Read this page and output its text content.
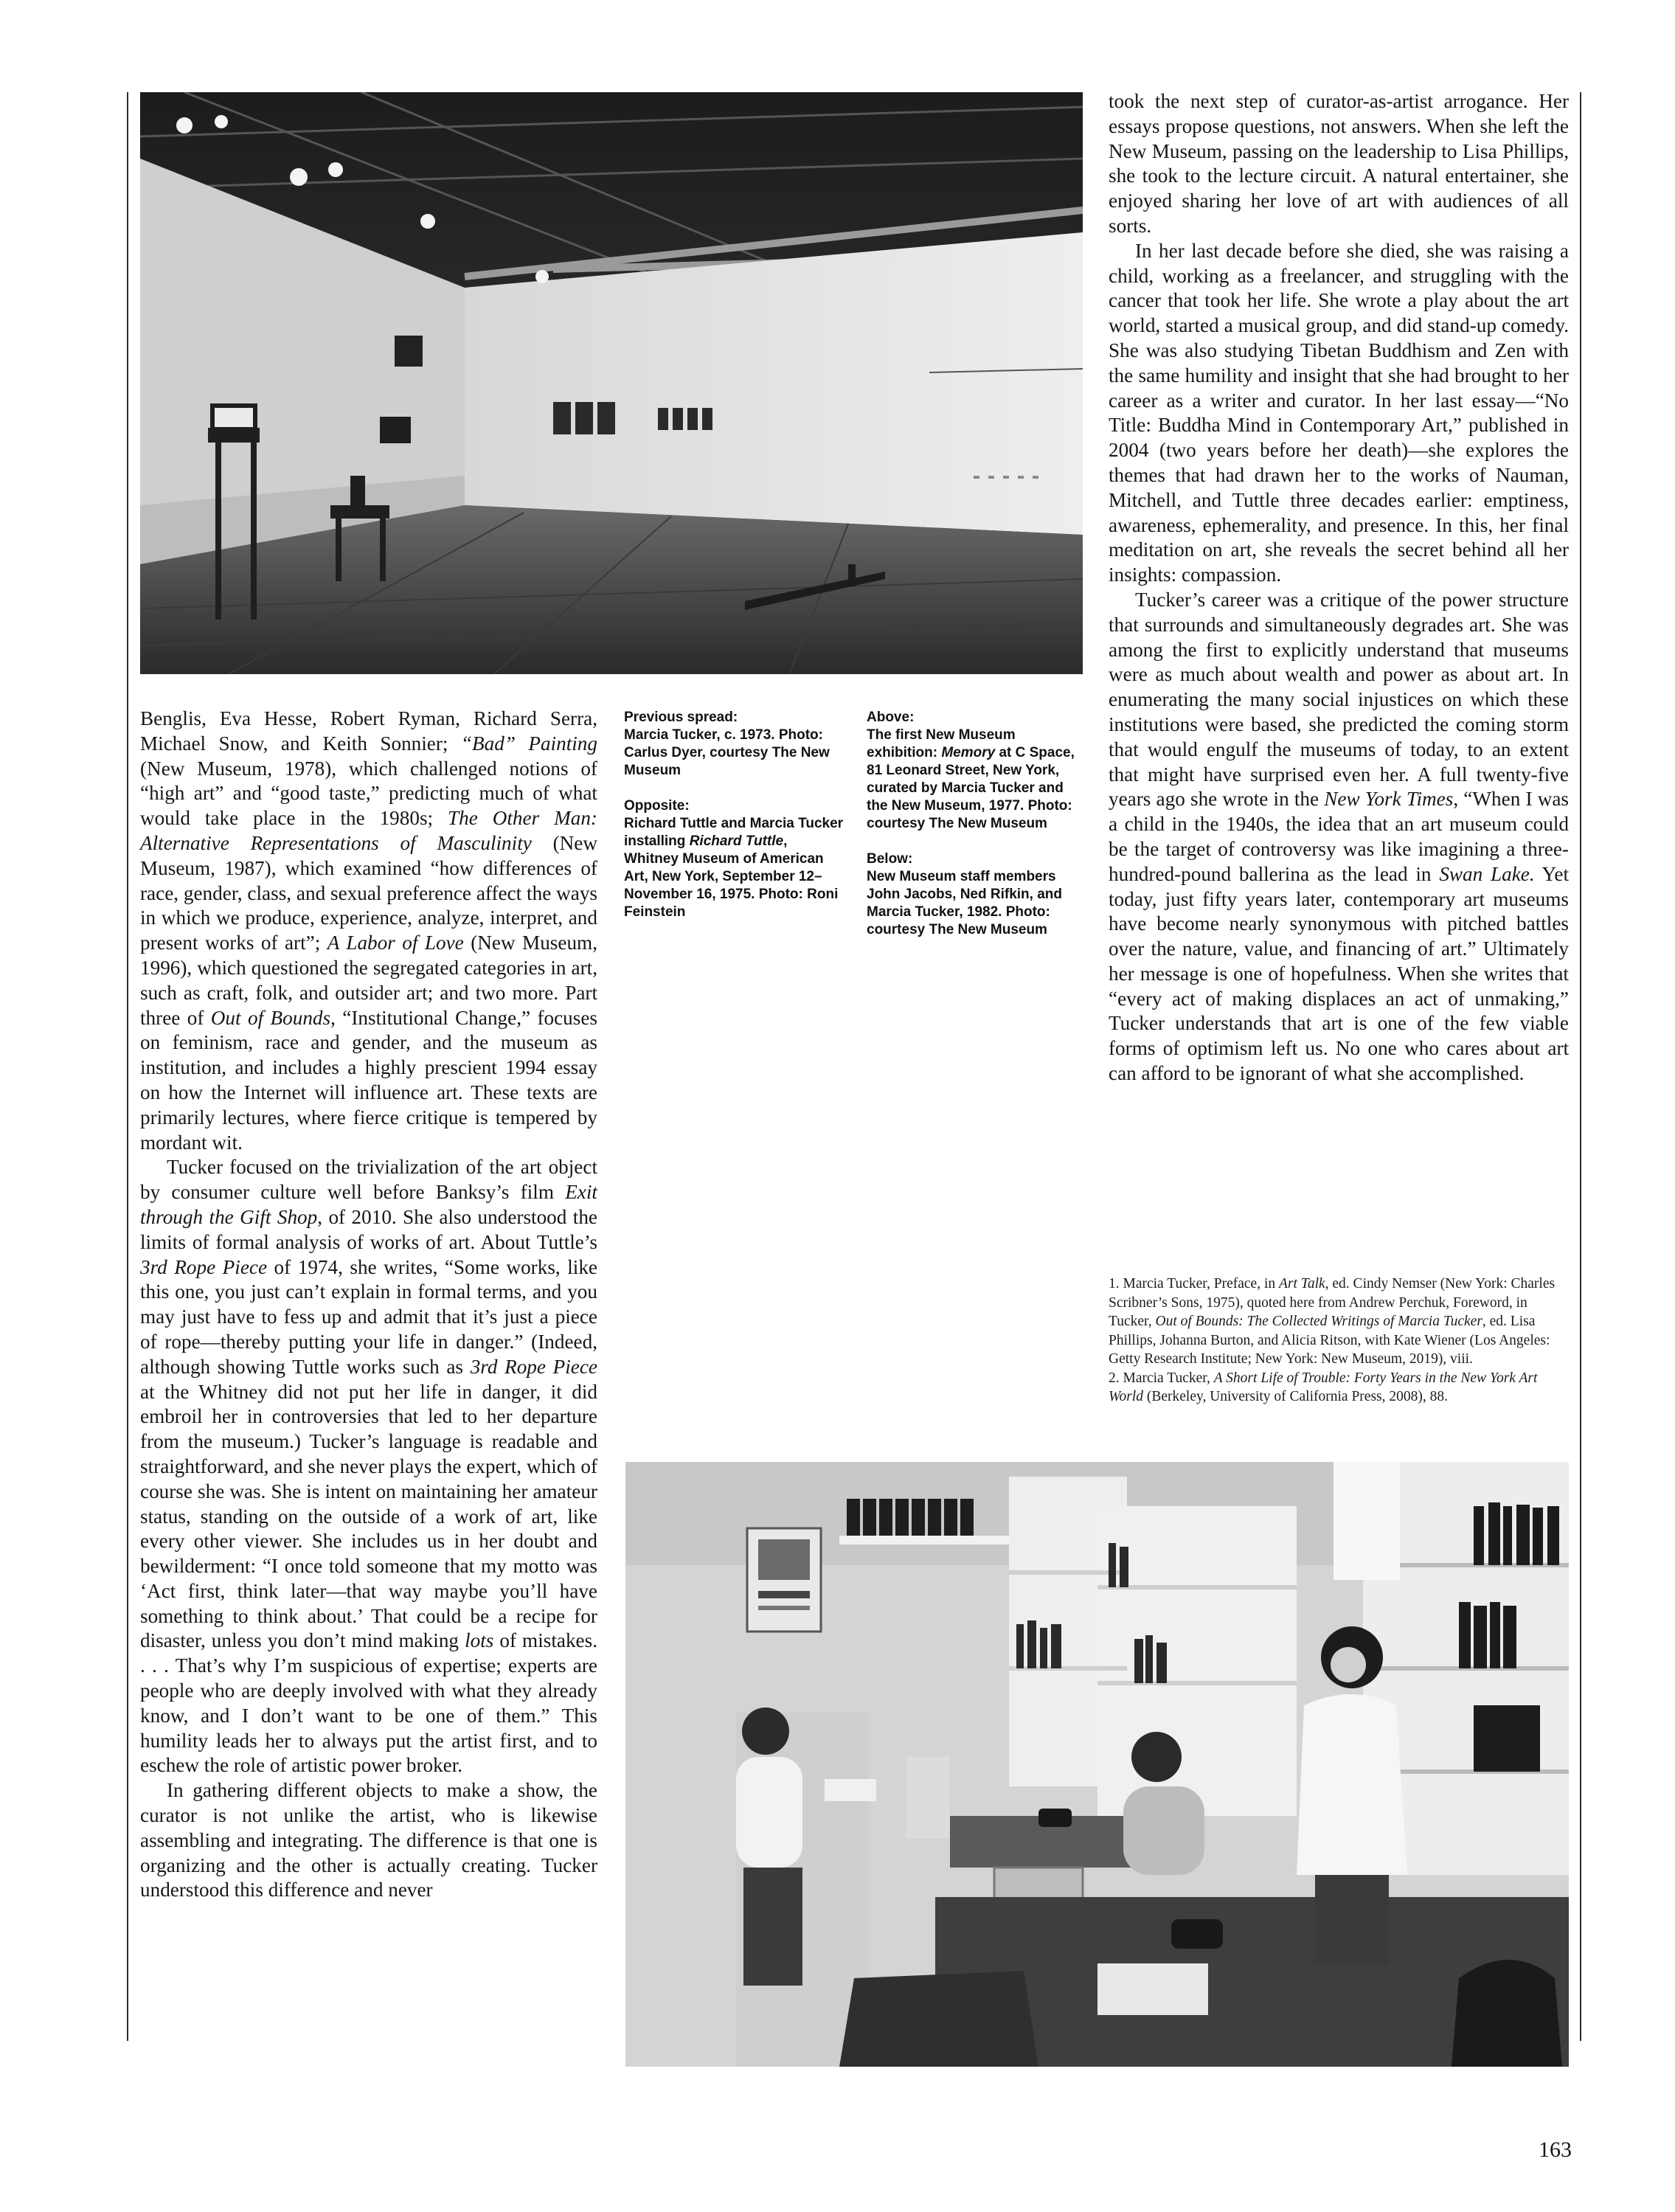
Benglis, Eva Hesse, Robert Ryman, Richard Serra, Michael Snow, and Keith Sonnier; “Bad” Painting (New Museum, 1978), which challenged notions of “high art” and “good taste,” predicting much of what would take place in the 1980s; The Other Man: Alternative Representations of Masculinity (New Museum, 1987), which examined “how differences of race, gender, class, and sexual preference affect the ways in which we produce, experience, analyze, interpret, and present works of art”; A Labor of Love (New Museum, 1996), which questioned the segregated categories in art, such as craft, folk, and outsider art; and two more. Part three of Out of Bounds, “Institutional Change,” focuses on feminism, race and gender, and the museum as institution, and includes a highly prescient 1994 essay on how the Internet will influence art. These texts are primarily lectures, where fierce critique is tempered by mordant wit.

Tucker focused on the trivialization of the art object by consumer culture well before Banksy’s film Exit through the Gift Shop, of 2010. She also understood the limits of formal analysis of works of art. About Tuttle’s 3rd Rope Piece of 1974, she writes, “Some works, like this one, you just can’t explain in formal terms, and you may just have to fess up and admit that it’s just a piece of rope—thereby putting your life in danger.” (Indeed, although showing Tuttle works such as 3rd Rope Piece at the Whitney did not put her life in danger, it did embroil her in controversies that led to her departure from the museum.) Tucker’s language is readable and straightforward, and she never plays the expert, which of course she was. She is intent on maintaining her amateur status, standing on the outside of a work of art, like every other viewer. She includes us in her doubt and bewilderment: “I once told someone that my motto was ‘Act first, think later—that way maybe you’ll have something to think about.’ That could be a recipe for disaster, unless you don’t mind making lots of mistakes. . . . That’s why I’m suspicious of expertise; experts are people who are deeply involved with what they already know, and I don’t want to be one of them.” This humility leads her to always put the artist first, and to eschew the role of artistic power broker.

In gathering different objects to make a show, the curator is not unlike the artist, who is likewise assembling and integrating. The difference is that one is organizing and the other is actually creating. Tucker understood this difference and never

Previous spread:
Marcia Tucker, c. 1973. Photo: Carlus Dyer, courtesy The New Museum
Opposite:
Richard Tuttle and Marcia Tucker installing Richard Tuttle, Whitney Museum of American Art, New York, September 12–November 16, 1975. Photo: Roni Feinstein
Above:
The first New Museum exhibition: Memory at C Space, 81 Leonard Street, New York, curated by Marcia Tucker and the New Museum, 1977. Photo: courtesy The New Museum
Below:
New Museum staff members John Jacobs, Ned Rifkin, and Marcia Tucker, 1982. Photo: courtesy The New Museum

took the next step of curator-as-artist arrogance. Her essays propose questions, not answers. When she left the New Museum, passing on the leadership to Lisa Phillips, she took to the lecture circuit. A natural entertainer, she enjoyed sharing her love of art with audiences of all sorts.

In her last decade before she died, she was raising a child, working as a freelancer, and struggling with the cancer that took her life. She wrote a play about the art world, started a musical group, and did stand-up comedy. She was also studying Tibetan Buddhism and Zen with the same humility and insight that she had brought to her career as a writer and curator. In her last essay—“No Title: Buddha Mind in Contemporary Art,” published in 2004 (two years before her death)—she explores the themes that had drawn her to the works of Nauman, Mitchell, and Tuttle three decades earlier: emptiness, awareness, ephemerality, and presence. In this, her final meditation on art, she reveals the secret behind all her insights: compassion.

Tucker’s career was a critique of the power structure that surrounds and simultaneously degrades art. She was among the first to explicitly understand that museums were as much about wealth and power as about art. In enumerating the many social injustices on which these institutions were based, she predicted the coming storm that would engulf the museums of today, to an extent that might have surprised even her. A full twenty-five years ago she wrote in the New York Times, “When I was a child in the 1940s, the idea that an art museum could be the target of controversy was like imagining a three-hundred-pound ballerina as the lead in Swan Lake. Yet today, just fifty years later, contemporary art museums have become nearly synonymous with pitched battles over the nature, value, and financing of art.” Ultimately her message is one of hopefulness. When she writes that “every act of making displaces an act of unmaking,” Tucker understands that art is one of the few viable forms of optimism left us. No one who cares about art can afford to be ignorant of what she accomplished.

1. Marcia Tucker, Preface, in Art Talk, ed. Cindy Nemser (New York: Charles Scribner’s Sons, 1975), quoted here from Andrew Perchuk, Foreword, in Tucker, Out of Bounds: The Collected Writings of Marcia Tucker, ed. Lisa Phillips, Johanna Burton, and Alicia Ritson, with Kate Wiener (Los Angeles: Getty Research Institute; New York: New Museum, 2019), viii.

2. Marcia Tucker, A Short Life of Trouble: Forty Years in the New York Art World (Berkeley, University of California Press, 2008), 88.

163
